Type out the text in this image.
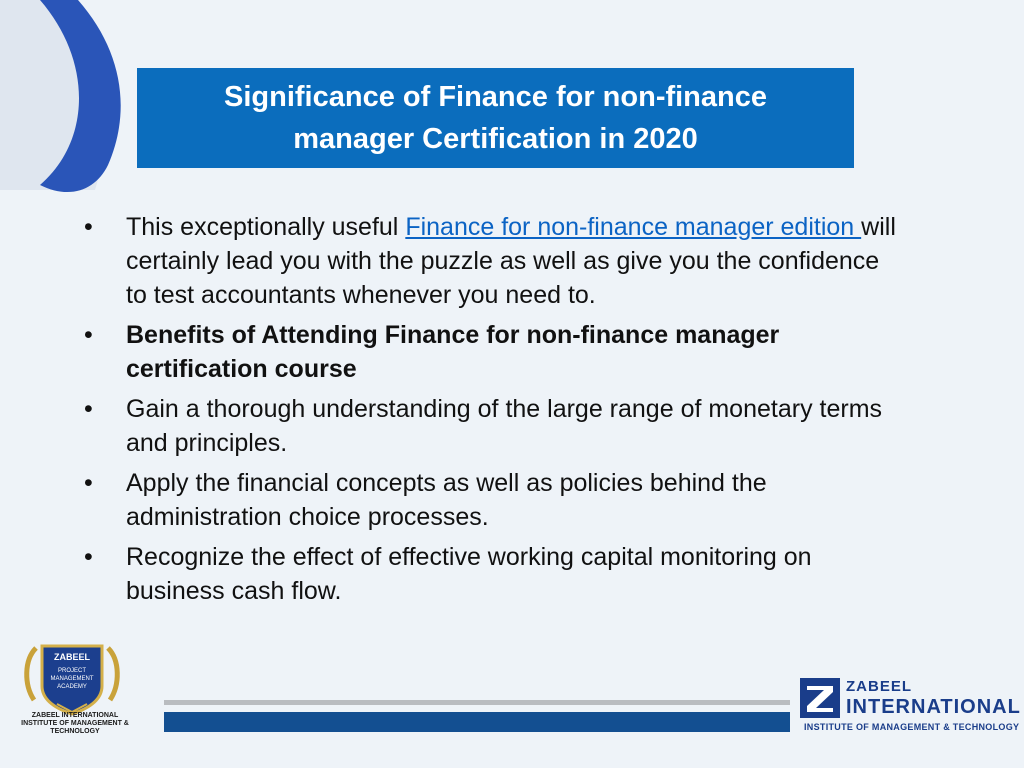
Significance of Finance for non-finance
manager Certification in 2020
• This exceptionally useful Finance for non-finance manager edition will certainly lead you with the puzzle as well as give you the confidence to test accountants whenever you need to.
• Benefits of Attending Finance for non-finance manager certification course
• Gain a thorough understanding of the large range of monetary terms and principles.
• Apply the financial concepts as well as policies behind the administration choice processes.
• Recognize the effect of effective working capital monitoring on business cash flow.
ZABEEL
PROJECT
MANAGEMENT
ACADEMY
ZABEEL INTERNATIONAL
INSTITUTE OF MANAGEMENT & TECHNOLOGY
ZABEEL
INTERNATIONAL
INSTITUTE OF MANAGEMENT & TECHNOLOGY
